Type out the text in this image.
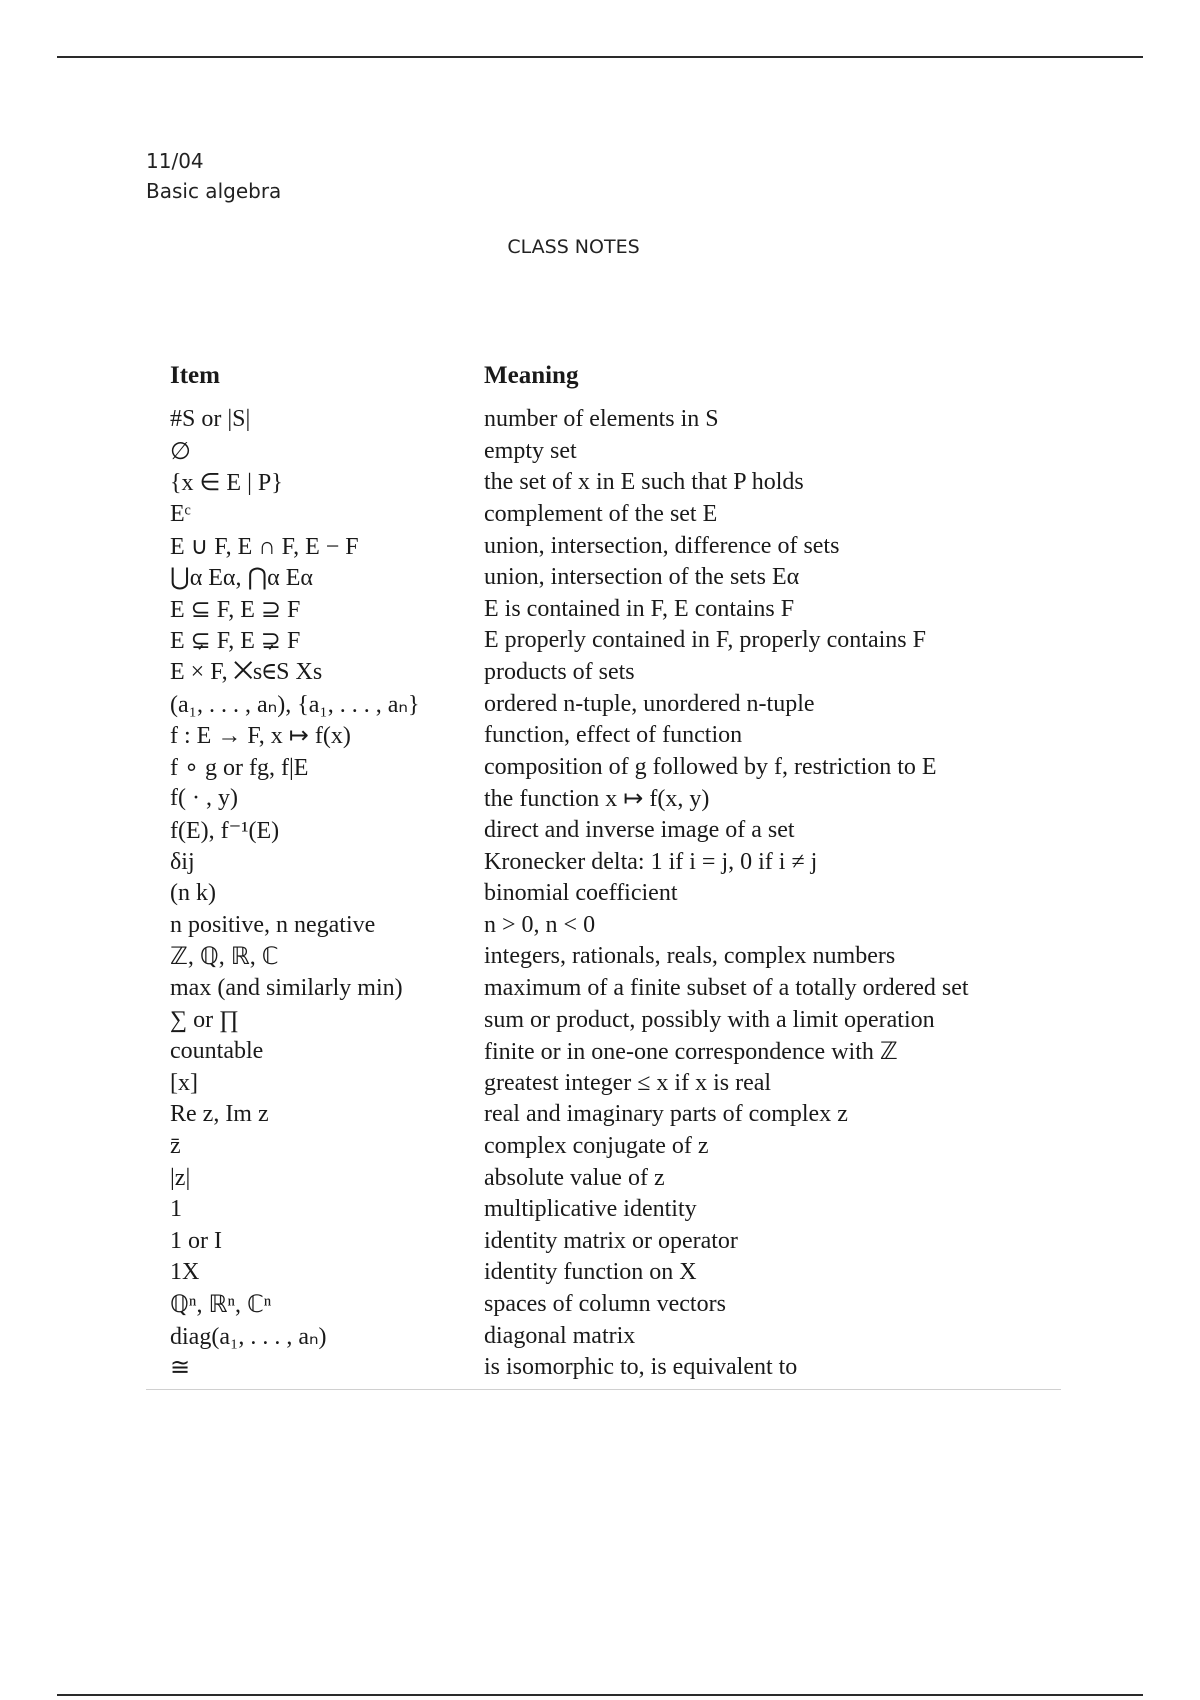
11/04
Basic algebra
CLASS NOTES
Item	Meaning
#S or |S|	number of elements in S
∅	empty set
{x ∈ E | P}	the set of x in E such that P holds
Eᶜ	complement of the set E
E ∪ F, E ∩ F, E − F	union, intersection, difference of sets
⋃α Eα, ⋂α Eα	union, intersection of the sets Eα
E ⊆ F, E ⊇ F	E is contained in F, E contains F
E ⊊ F, E ⊋ F	E properly contained in F, properly contains F
E × F, ⨉s∈S Xs	products of sets
(a₁, . . . , aₙ), {a₁, . . . , aₙ}	ordered n-tuple, unordered n-tuple
f : E → F, x ↦ f(x)	function, effect of function
f ∘ g or fg, f|E	composition of g followed by f, restriction to E
f( · , y)	the function x ↦ f(x, y)
f(E), f⁻¹(E)	direct and inverse image of a set
δij	Kronecker delta: 1 if i = j, 0 if i ≠ j
(n k)	binomial coefficient
n positive, n negative	n > 0, n < 0
ℤ, ℚ, ℝ, ℂ	integers, rationals, reals, complex numbers
max (and similarly min)	maximum of a finite subset of a totally ordered set
∑ or ∏	sum or product, possibly with a limit operation
countable	finite or in one-one correspondence with ℤ
[x]	greatest integer ≤ x if x is real
Re z, Im z	real and imaginary parts of complex z
z̄	complex conjugate of z
|z|	absolute value of z
1	multiplicative identity
1 or I	identity matrix or operator
1X	identity function on X
ℚⁿ, ℝⁿ, ℂⁿ	spaces of column vectors
diag(a₁, . . . , aₙ)	diagonal matrix
≅	is isomorphic to, is equivalent to
